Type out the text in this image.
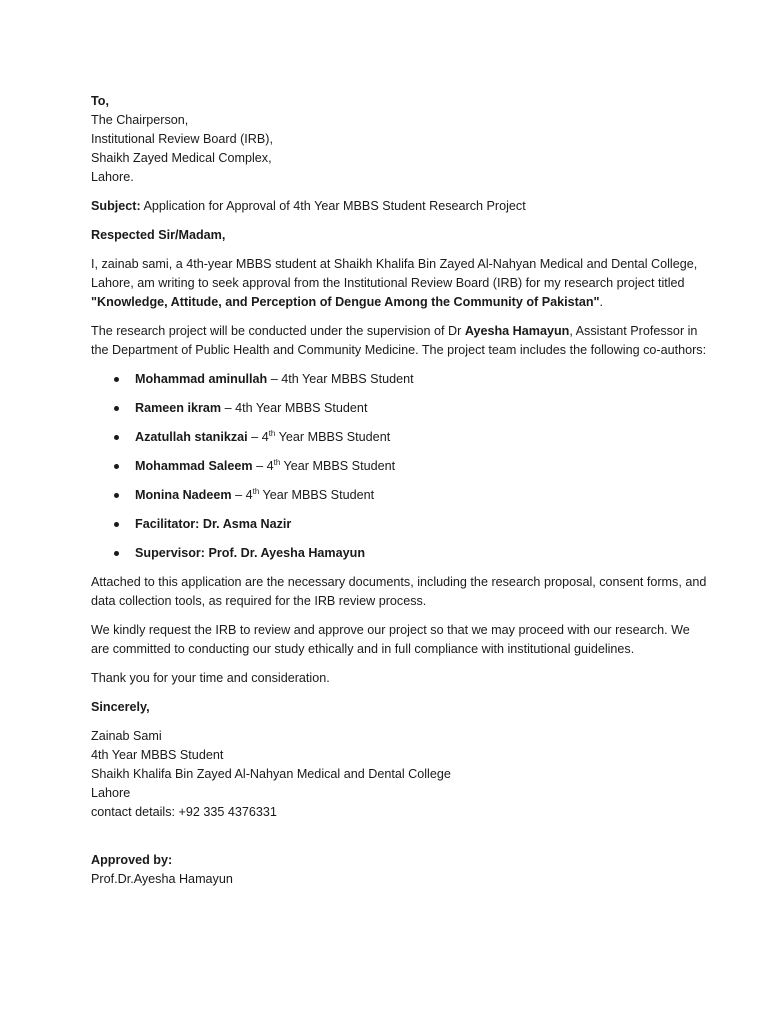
To,
The Chairperson,
Institutional Review Board (IRB),
Shaikh Zayed Medical Complex,
Lahore.

Subject: Application for Approval of 4th Year MBBS Student Research Project

Respected Sir/Madam,

I, zainab sami, a 4th-year MBBS student at Shaikh Khalifa Bin Zayed Al-Nahyan Medical and Dental College, Lahore, am writing to seek approval from the Institutional Review Board (IRB) for my research project titled "Knowledge, Attitude, and Perception of Dengue Among the Community of Pakistan".

The research project will be conducted under the supervision of Dr Ayesha Hamayun, Assistant Professor in the Department of Public Health and Community Medicine. The project team includes the following co-authors:

Mohammad aminullah – 4th Year MBBS Student
Rameen ikram – 4th Year MBBS Student
Azatullah stanikzai – 4th Year MBBS Student
Mohammad Saleem – 4th Year MBBS Student
Monina Nadeem – 4th Year MBBS Student
Facilitator: Dr. Asma Nazir
Supervisor: Prof. Dr. Ayesha Hamayun

Attached to this application are the necessary documents, including the research proposal, consent forms, and data collection tools, as required for the IRB review process.

We kindly request the IRB to review and approve our project so that we may proceed with our research. We are committed to conducting our study ethically and in full compliance with institutional guidelines.

Thank you for your time and consideration.

Sincerely,

Zainab Sami
4th Year MBBS Student
Shaikh Khalifa Bin Zayed Al-Nahyan Medical and Dental College
Lahore
contact details: +92 335 4376331
Approved by:
Prof.Dr.Ayesha Hamayun
